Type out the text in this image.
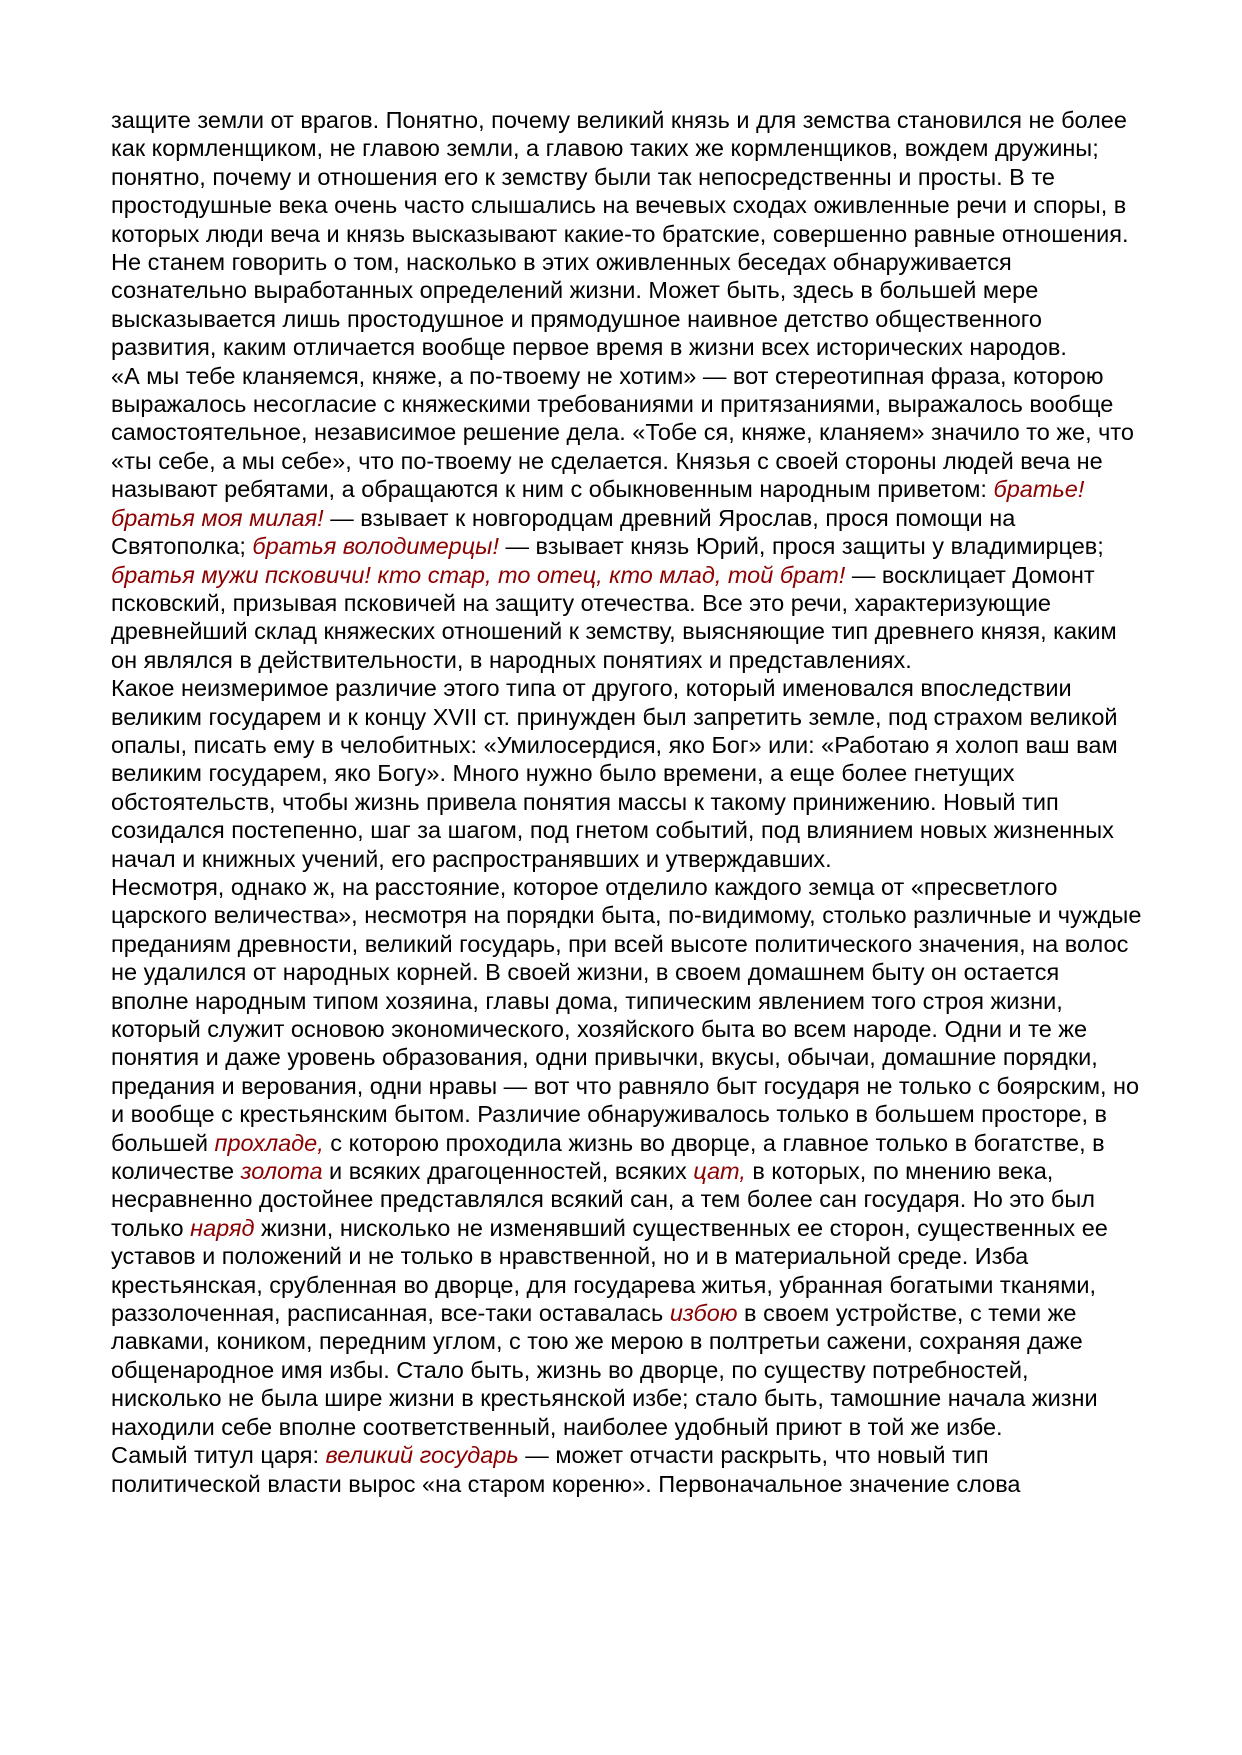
защите земли от врагов. Понятно, почему великий князь и для земства становился не более как кормленщиком, не главою земли, а главою таких же кормленщиков, вождем дружины; понятно, почему и отношения его к земству были так непосредственны и просты. В те простодушные века очень часто слышались на вечевых сходах оживленные речи и споры, в которых люди веча и князь высказывают какие-то братские, совершенно равные отношения. Не станем говорить о том, насколько в этих оживленных беседах обнаруживается сознательно выработанных определений жизни. Может быть, здесь в большей мере высказывается лишь простодушное и прямодушное наивное детство общественного развития, каким отличается вообще первое время в жизни всех исторических народов.

«А мы тебе кланяемся, княже, а по-твоему не хотим» — вот стереотипная фраза, которою выражалось несогласие с княжескими требованиями и притязаниями, выражалось вообще самостоятельное, независимое решение дела. «Тобе ся, княже, кланяем» значило то же, что «ты себе, а мы себе», что по-твоему не сделается. Князья с своей стороны людей веча не называют ребятами, а обращаются к ним с обыкновенным народным приветом: братье! братья моя милая! — взывает к новгородцам древний Ярослав, прося помощи на Святополка; братья володимерцы! — взывает князь Юрий, прося защиты у владимирцев; братья мужи псковичи! кто стар, то отец, кто млад, той брат! — восклицает Домонт псковский, призывая псковичей на защиту отечества. Все это речи, характеризующие древнейший склад княжеских отношений к земству, выясняющие тип древнего князя, каким он являлся в действительности, в народных понятиях и представлениях.

Какое неизмеримое различие этого типа от другого, который именовался впоследствии великим государем и к концу XVII ст. принужден был запретить земле, под страхом великой опалы, писать ему в челобитных: «Умилосердися, яко Бог» или: «Работаю я холоп ваш вам великим государем, яко Богу». Много нужно было времени, а еще более гнетущих обстоятельств, чтобы жизнь привела понятия массы к такому принижению. Новый тип созидался постепенно, шаг за шагом, под гнетом событий, под влиянием новых жизненных начал и книжных учений, его распространявших и утверждавших.

Несмотря, однако ж, на расстояние, которое отделило каждого земца от «пресветлого царского величества», несмотря на порядки быта, по-видимому, столько различные и чуждые преданиям древности, великий государь, при всей высоте политического значения, на волос не удалился от народных корней. В своей жизни, в своем домашнем быту он остается вполне народным типом хозяина, главы дома, типическим явлением того строя жизни, который служит основою экономического, хозяйского быта во всем народе. Одни и те же понятия и даже уровень образования, одни привычки, вкусы, обычаи, домашние порядки, предания и верования, одни нравы — вот что равняло быт государя не только с боярским, но и вообще с крестьянским бытом. Различие обнаруживалось только в большем просторе, в большей прохладе, с которою проходила жизнь во дворце, а главное только в богатстве, в количестве золота и всяких драгоценностей, всяких цат, в которых, по мнению века, несравненно достойнее представлялся всякий сан, а тем более сан государя. Но это был только наряд жизни, нисколько не изменявший существенных ее сторон, существенных ее уставов и положений и не только в нравственной, но и в материальной среде. Изба крестьянская, срубленная во дворце, для государева житья, убранная богатыми тканями, раззолоченная, расписанная, все-таки оставалась избою в своем устройстве, с теми же лавками, коником, передним углом, с тою же мерою в полтретьи сажени, сохраняя даже общенародное имя избы. Стало быть, жизнь во дворце, по существу потребностей, нисколько не была шире жизни в крестьянской избе; стало быть, тамошние начала жизни находили себе вполне соответственный, наиболее удобный приют в той же избе.

Самый титул царя: великий государь — может отчасти раскрыть, что новый тип политической власти вырос «на старом кореню». Первоначальное значение слова
